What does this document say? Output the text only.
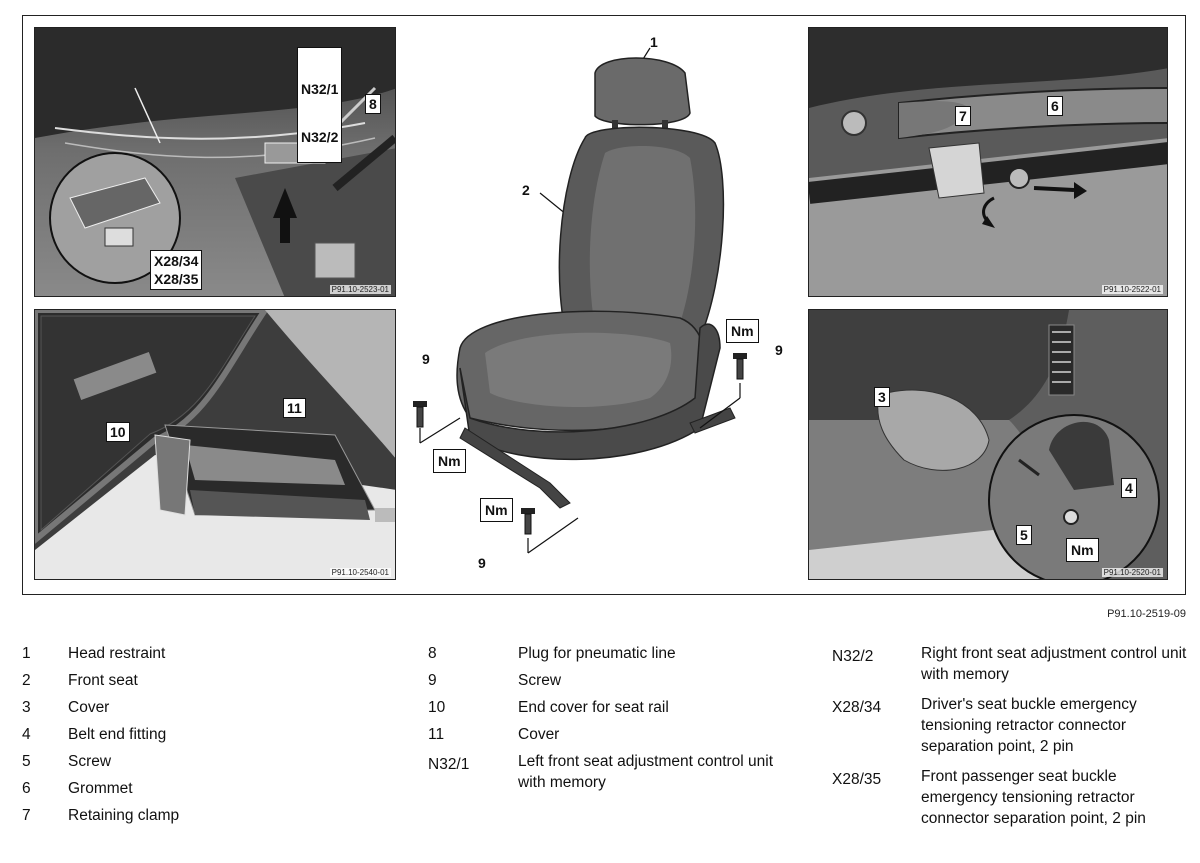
P91.10-2523-01

N32/1

N32/2

8
X28/34
X28/35
P91.10-2540-01
10
11
1
2
9
9
9
Nm
Nm
Nm
P91.10-2522-01
7
6
P91.10-2520-01
3
4
5
Nm
P91.10-2519-09
1	Head restraint
2	Front seat
3	Cover
4	Belt end fitting
5	Screw
6	Grommet
7	Retaining clamp
8	Plug for pneumatic line
9	Screw
10	End cover for seat rail
11	Cover
N32/1	Left front seat adjustment control unit with memory
N32/2	Right front seat adjustment control unit with memory
X28/34	Driver's seat buckle emergency tensioning retractor connector separation point, 2 pin
X28/35	Front passenger seat buckle emergency tensioning retractor connector separation point, 2 pin
